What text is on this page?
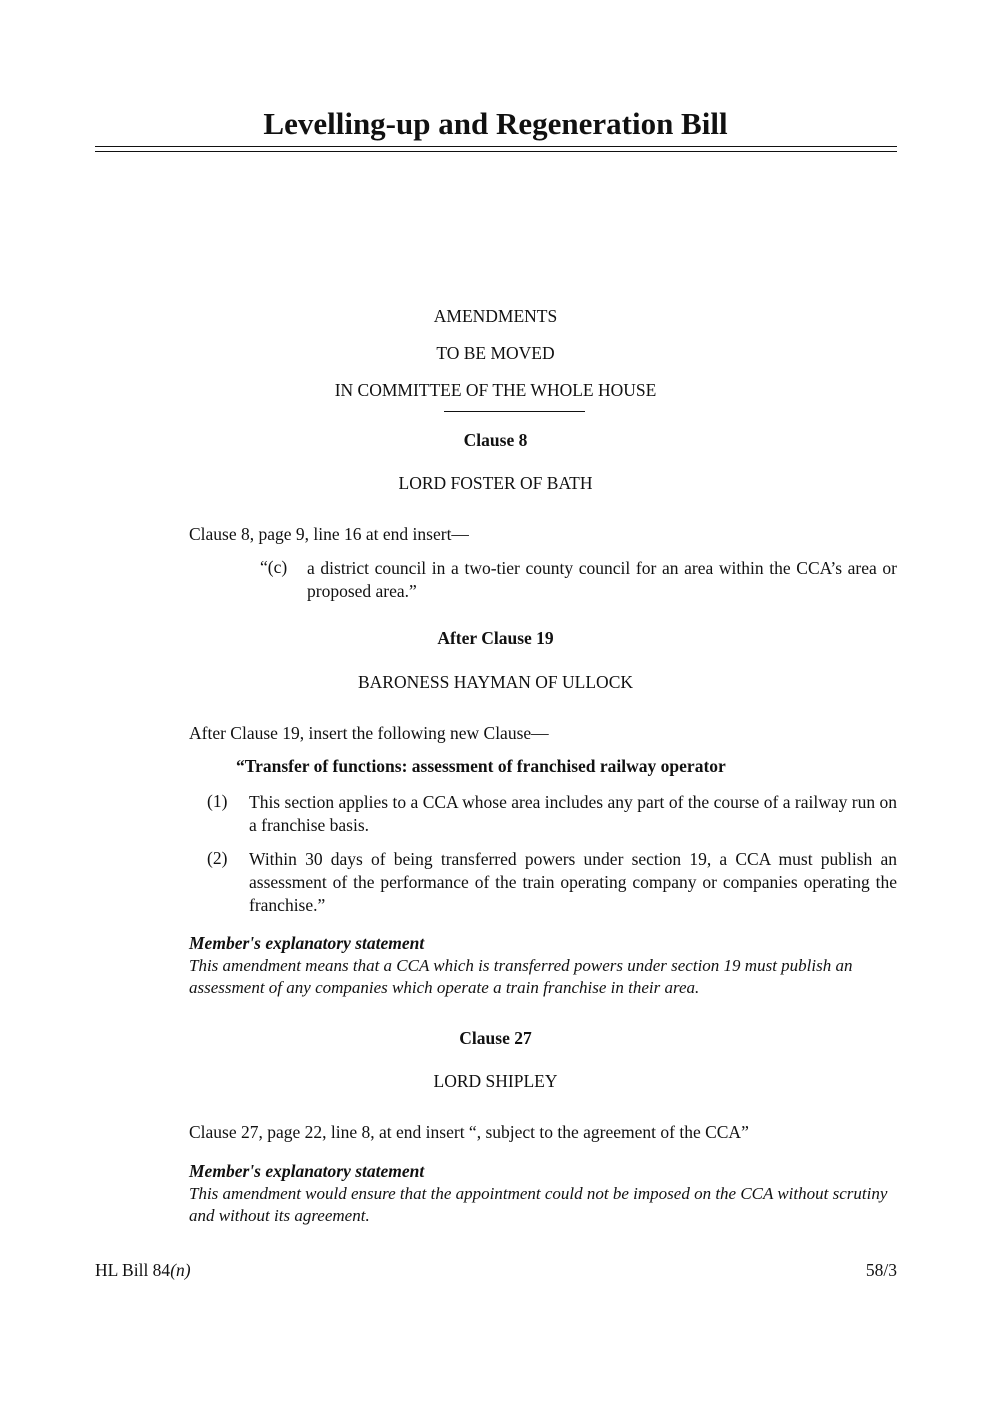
Levelling-up and Regeneration Bill
AMENDMENTS
TO BE MOVED
IN COMMITTEE OF THE WHOLE HOUSE
Clause 8
LORD FOSTER OF BATH
Clause 8, page 9, line 16 at end insert—
“(c) a district council in a two-tier county council for an area within the CCA’s area or proposed area.”
After Clause 19
BARONESS HAYMAN OF ULLOCK
After Clause 19, insert the following new Clause—
“Transfer of functions: assessment of franchised railway operator
(1) This section applies to a CCA whose area includes any part of the course of a railway run on a franchise basis.
(2) Within 30 days of being transferred powers under section 19, a CCA must publish an assessment of the performance of the train operating company or companies operating the franchise.”
Member's explanatory statement
This amendment means that a CCA which is transferred powers under section 19 must publish an assessment of any companies which operate a train franchise in their area.
Clause 27
LORD SHIPLEY
Clause 27, page 22, line 8, at end insert “, subject to the agreement of the CCA”
Member's explanatory statement
This amendment would ensure that the appointment could not be imposed on the CCA without scrutiny and without its agreement.
HL Bill 84(n)	58/3
